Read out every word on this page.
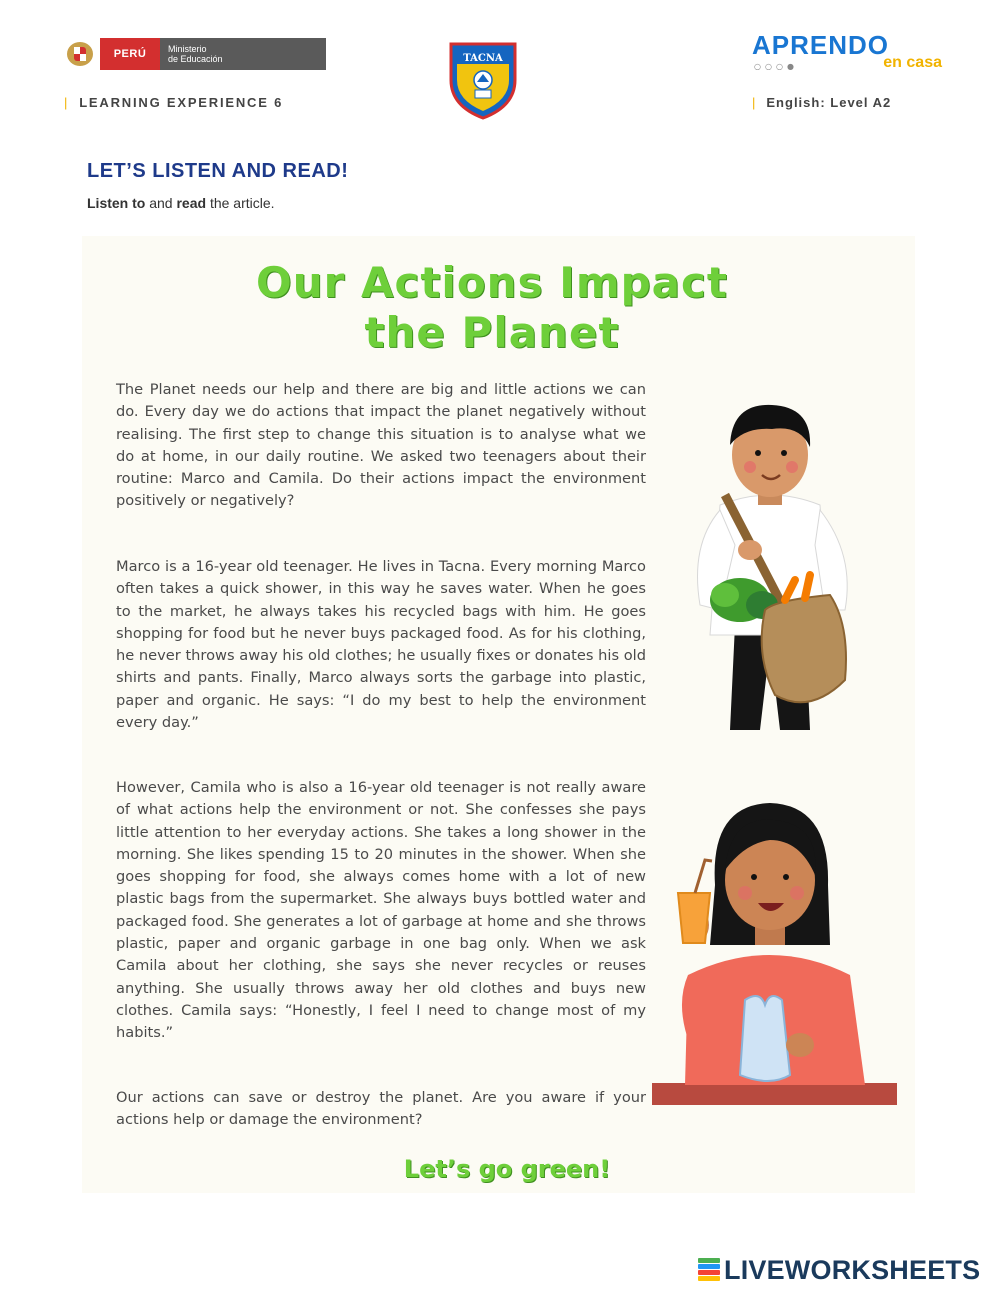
PERÚ	Ministerio
de Educación
| LEARNING EXPERIENCE 6
TACNA	APRENDO
○○○●	en casa
| English: Level A2
LET’S LISTEN AND READ!
Listen to and read the article.
Our Actions Impact
the Planet

The Planet needs our help and there are big and little actions we can do. Every day we do actions that impact the planet negatively without realising. The first step to change this situation is to analyse what we do at home, in our daily routine. We asked two teenagers about their routine: Marco and Camila. Do their actions impact the environment positively or negatively?

Marco is a 16-year old teenager. He lives in Tacna. Every morning Marco often takes a quick shower, in this way he saves water. When he goes to the market, he always takes his recycled bags with him. He goes shopping for food but he never buys packaged food. As for his clothing, he never throws away his old clothes; he usually fixes or donates his old shirts and pants. Finally, Marco always sorts the garbage into plastic, paper and organic. He says: “I do my best to help the environment every day.”

However, Camila who is also a 16-year old teenager is not really aware of what actions help the environment or not. She confesses she pays little attention to her everyday actions. She takes a long shower in the morning. She likes spending 15 to 20 minutes in the shower. When she goes shopping for food, she always comes home with a lot of new plastic bags from the supermarket. She always buys bottled water and packaged food. She generates a lot of garbage at home and she throws plastic, paper and organic garbage in one bag only. When we ask Camila about her clothing, she says she never recycles or reuses anything. She usually throws away her old clothes and buys new clothes. Camila says: “Honestly, I feel I need to change most of my habits.”

Our actions can save or destroy the planet. Are you aware if your actions help or damage the environment?

Let’s go green!
LIVEWORKSHEETS
